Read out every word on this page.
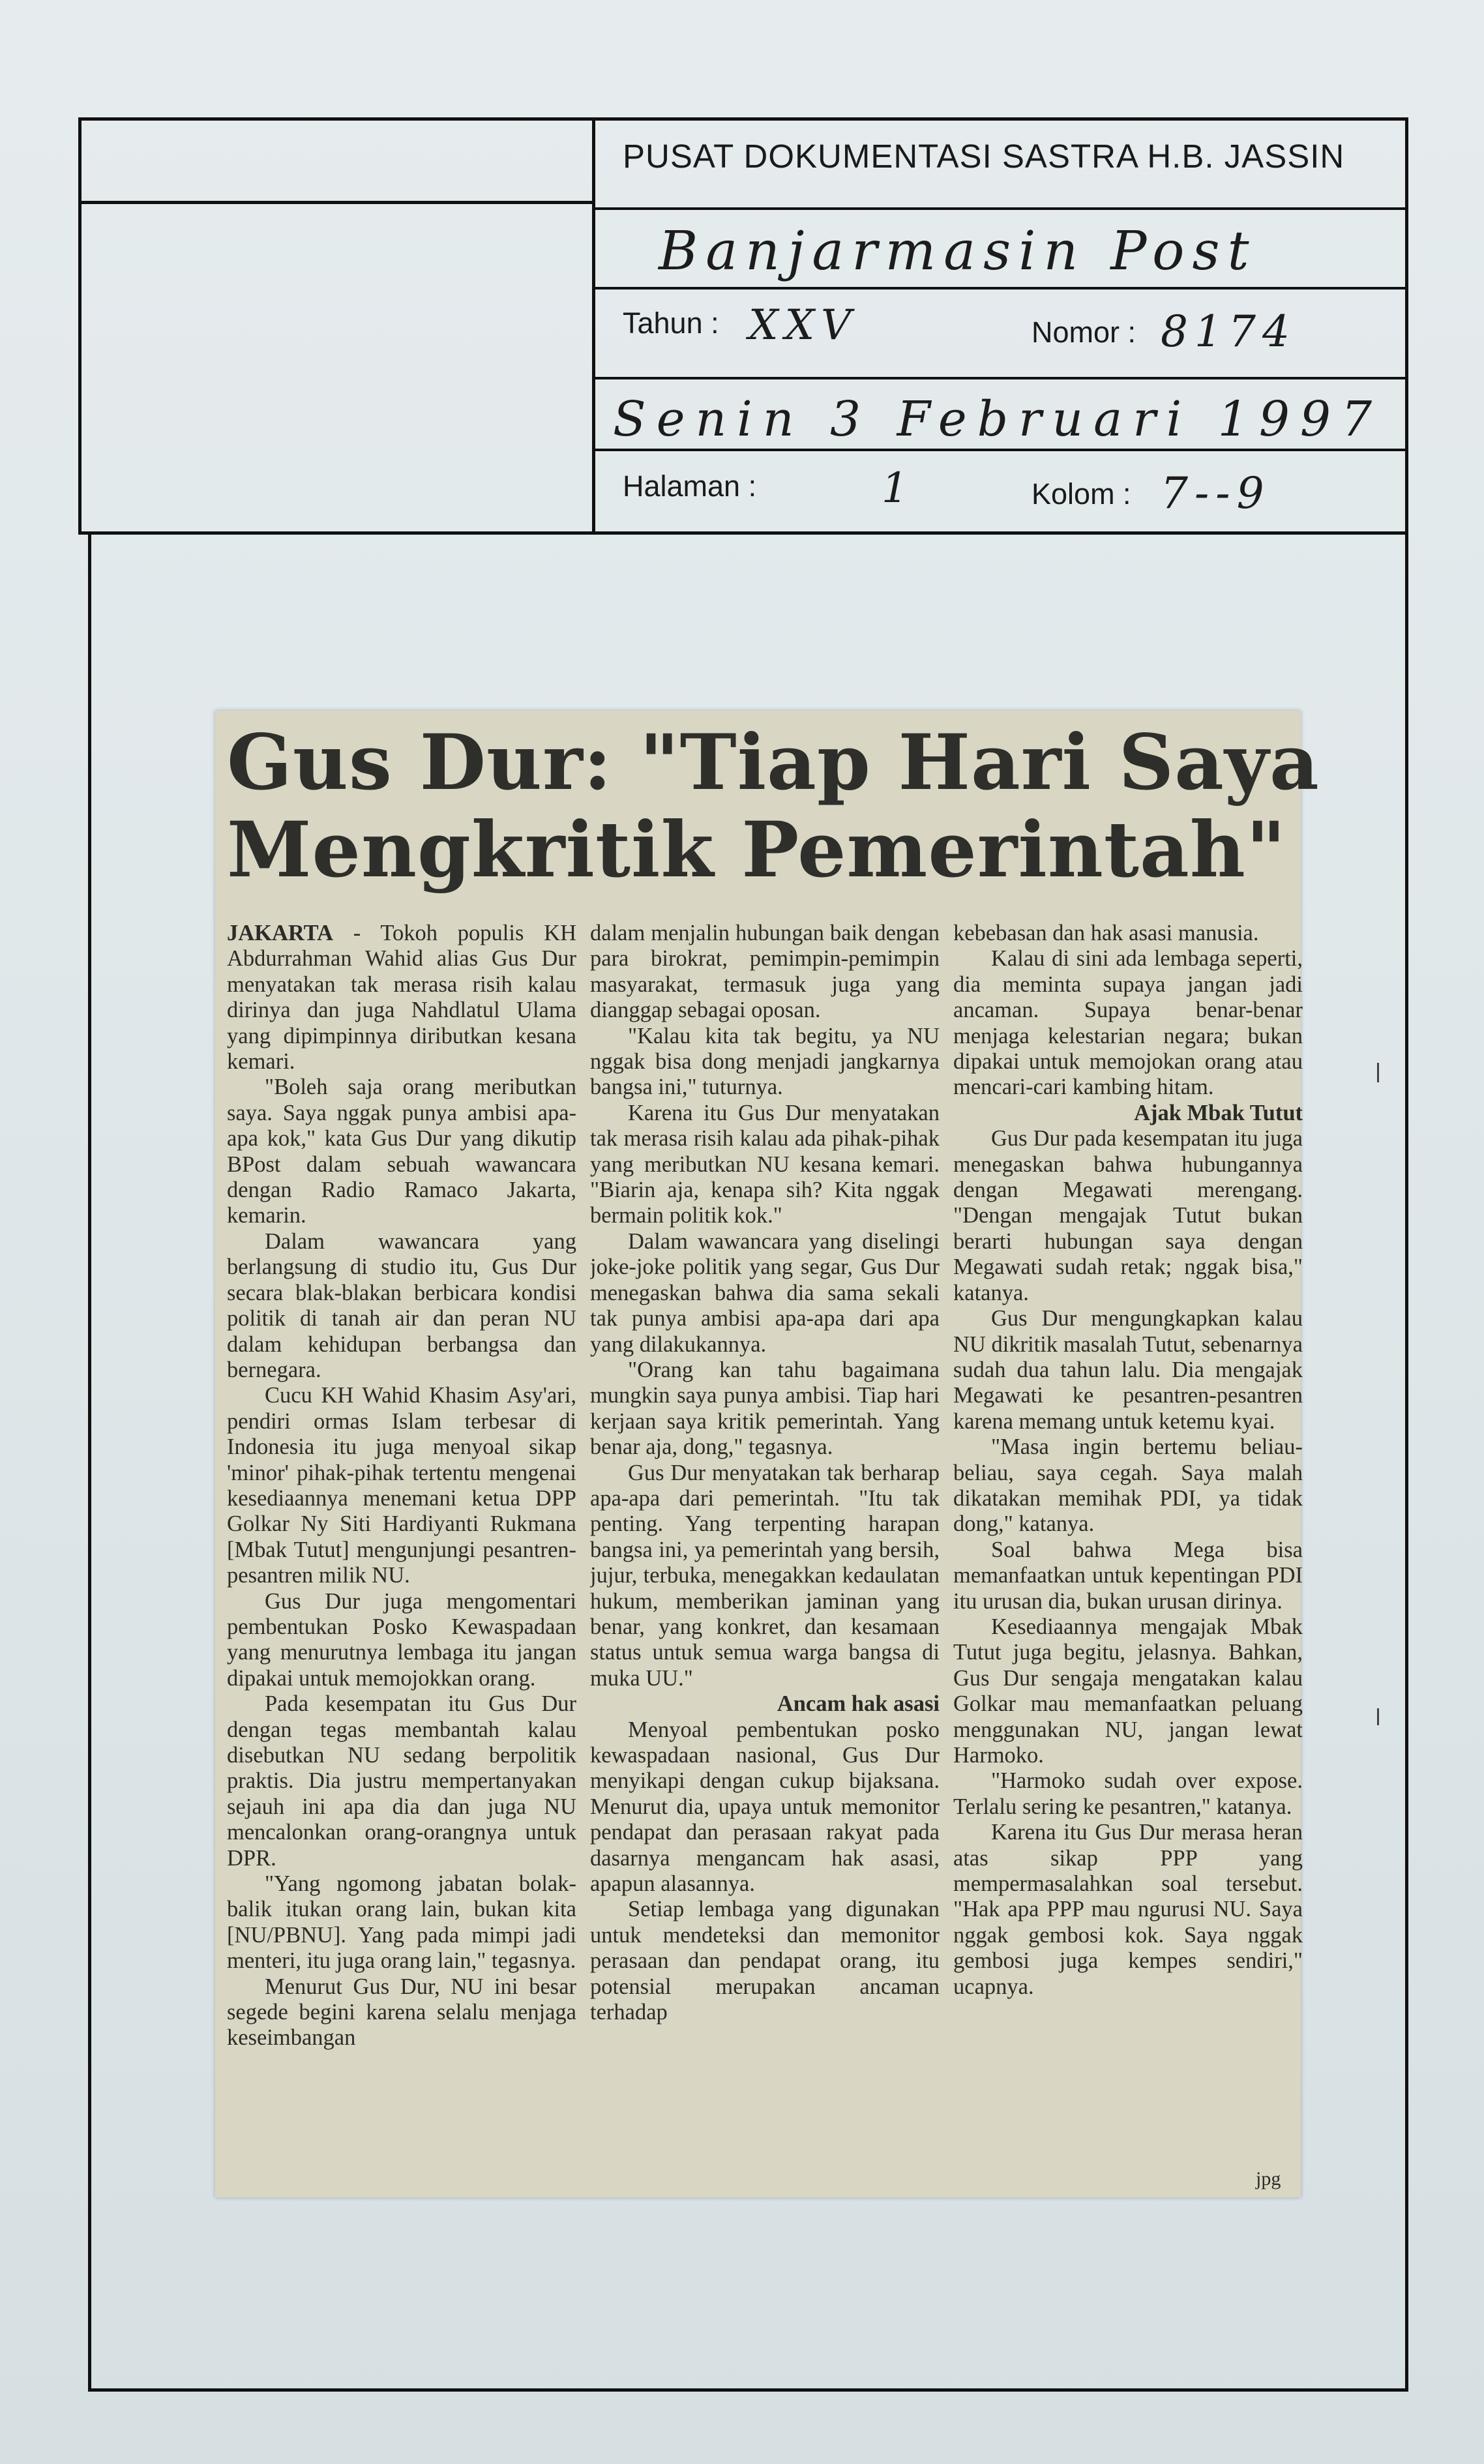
PUSAT DOKUMENTASI SASTRA H.B. JASSIN
Banjarmasin Post
Tahun : XXV	Nomor : 8174
Senin 3 Februari 1997
Halaman :	1	Kolom : 7--9
Gus Dur: "Tiap Hari Saya
Mengkritik Pemerintah"

JAKARTA - Tokoh populis KH Abdurrahman Wahid alias Gus Dur menyatakan tak merasa risih kalau dirinya dan juga Nahdlatul Ulama yang dipimpinnya diributkan kesana kemari.

"Boleh saja orang meributkan saya. Saya nggak punya ambisi apa-apa kok," kata Gus Dur yang dikutip BPost dalam sebuah wawancara dengan Radio Ramaco Jakarta, kemarin.

Dalam wawancara yang berlangsung di studio itu, Gus Dur secara blak-blakan berbicara kondisi politik di tanah air dan peran NU dalam kehidupan berbangsa dan bernegara.

Cucu KH Wahid Khasim Asy'ari, pendiri ormas Islam terbesar di Indonesia itu juga menyoal sikap 'minor' pihak-pihak tertentu mengenai kesediaannya menemani ketua DPP Golkar Ny Siti Hardiyanti Rukmana [Mbak Tutut] mengunjungi pesantren-pesantren milik NU.

Gus Dur juga mengomentari pembentukan Posko Kewaspadaan yang menurutnya lembaga itu jangan dipakai untuk memojokkan orang.

Pada kesempatan itu Gus Dur dengan tegas membantah kalau disebutkan NU sedang berpolitik praktis. Dia justru mempertanyakan sejauh ini apa dia dan juga NU mencalonkan orang-orangnya untuk DPR.

"Yang ngomong jabatan bolak-balik itukan orang lain, bukan kita [NU/PBNU]. Yang pada mimpi jadi menteri, itu juga orang lain," tegasnya.

Menurut Gus Dur, NU ini besar segede begini karena selalu menjaga keseimbangan

dalam menjalin hubungan baik dengan para birokrat, pemimpin-pemimpin masyarakat, termasuk juga yang dianggap sebagai oposan.

"Kalau kita tak begitu, ya NU nggak bisa dong menjadi jangkarnya bangsa ini," tuturnya.

Karena itu Gus Dur menyatakan tak merasa risih kalau ada pihak-pihak yang meributkan NU kesana kemari. "Biarin aja, kenapa sih? Kita nggak bermain politik kok."

Dalam wawancara yang diselingi joke-joke politik yang segar, Gus Dur menegaskan bahwa dia sama sekali tak punya ambisi apa-apa dari apa yang dilakukannya.

"Orang kan tahu bagaimana mungkin saya punya ambisi. Tiap hari kerjaan saya kritik pemerintah. Yang benar aja, dong," tegasnya.

Gus Dur menyatakan tak berharap apa-apa dari pemerintah. "Itu tak penting. Yang terpenting harapan bangsa ini, ya pemerintah yang bersih, jujur, terbuka, menegakkan kedaulatan hukum, memberikan jaminan yang benar, yang konkret, dan kesamaan status untuk semua warga bangsa di muka UU."

Ancam hak asasi

Menyoal pembentukan posko kewaspadaan nasional, Gus Dur menyikapi dengan cukup bijaksana. Menurut dia, upaya untuk memonitor pendapat dan perasaan rakyat pada dasarnya mengancam hak asasi, apapun alasannya.

Setiap lembaga yang digunakan untuk mendeteksi dan memonitor perasaan dan pendapat orang, itu potensial merupakan ancaman terhadap

kebebasan dan hak asasi manusia.

Kalau di sini ada lembaga seperti, dia meminta supaya jangan jadi ancaman. Supaya benar-benar menjaga kelestarian negara; bukan dipakai untuk memojokan orang atau mencari-cari kambing hitam.

Ajak Mbak Tutut

Gus Dur pada kesempatan itu juga menegaskan bahwa hubungannya dengan Megawati merengang. "Dengan mengajak Tutut bukan berarti hubungan saya dengan Megawati sudah retak; nggak bisa," katanya.

Gus Dur mengungkapkan kalau NU dikritik masalah Tutut, sebenarnya sudah dua tahun lalu. Dia mengajak Megawati ke pesantren-pesantren karena memang untuk ketemu kyai.

"Masa ingin bertemu beliau-beliau, saya cegah. Saya malah dikatakan memihak PDI, ya tidak dong," katanya.

Soal bahwa Mega bisa memanfaatkan untuk kepentingan PDI itu urusan dia, bukan urusan dirinya.

Kesediaannya mengajak Mbak Tutut juga begitu, jelasnya. Bahkan, Gus Dur sengaja mengatakan kalau Golkar mau memanfaatkan peluang menggunakan NU, jangan lewat Harmoko.

"Harmoko sudah over expose. Terlalu sering ke pesantren," katanya.

Karena itu Gus Dur merasa heran atas sikap PPP yang mempermasalahkan soal tersebut. "Hak apa PPP mau ngurusi NU. Saya nggak gembosi kok. Saya nggak gembosi juga kempes sendiri," ucapnya.

jpg
